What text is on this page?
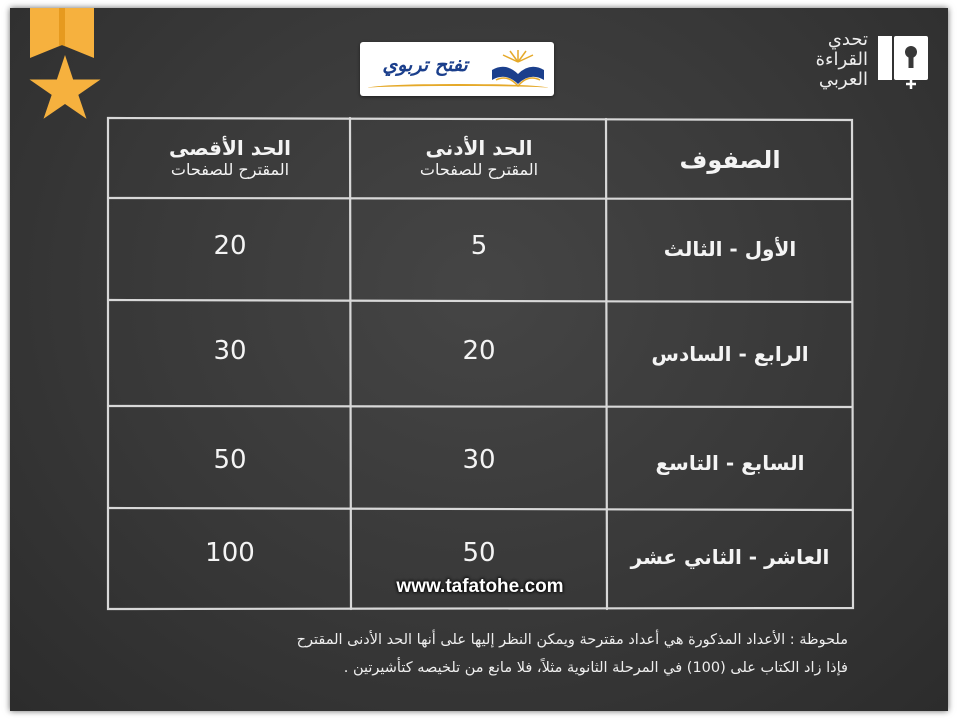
تفتح تربوي
تحدي
القراءة
العربي
الصفوف
الحد الأدنى
المقترح للصفحات
الحد الأقصى
المقترح للصفحات
الأول - الثالث
5
20
الرابع - السادس
20
30
السابع - التاسع
30
50
العاشر - الثاني عشر
50
100
www.tafatohe.com
ملحوظة : الأعداد المذكورة هي أعداد مقترحة ويمكن النظر إليها على أنها الحد الأدنى المقترح
فإذا زاد الكتاب على (100) في المرحلة الثانوية مثلاً، فلا مانع من تلخيصه كتأشيرتين .
